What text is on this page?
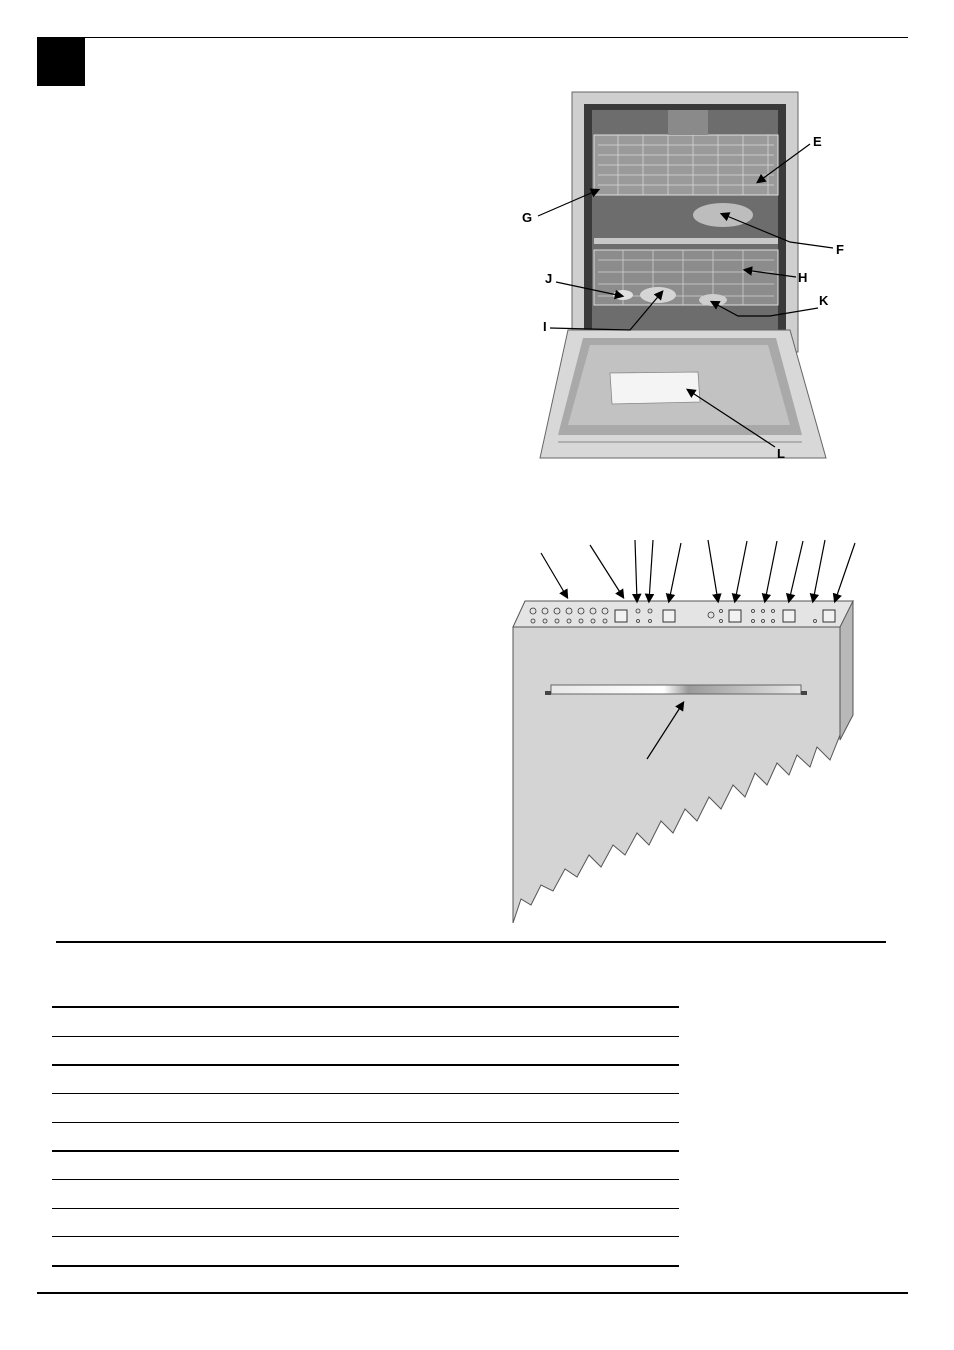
E
F
G
H
I
J
K
L
